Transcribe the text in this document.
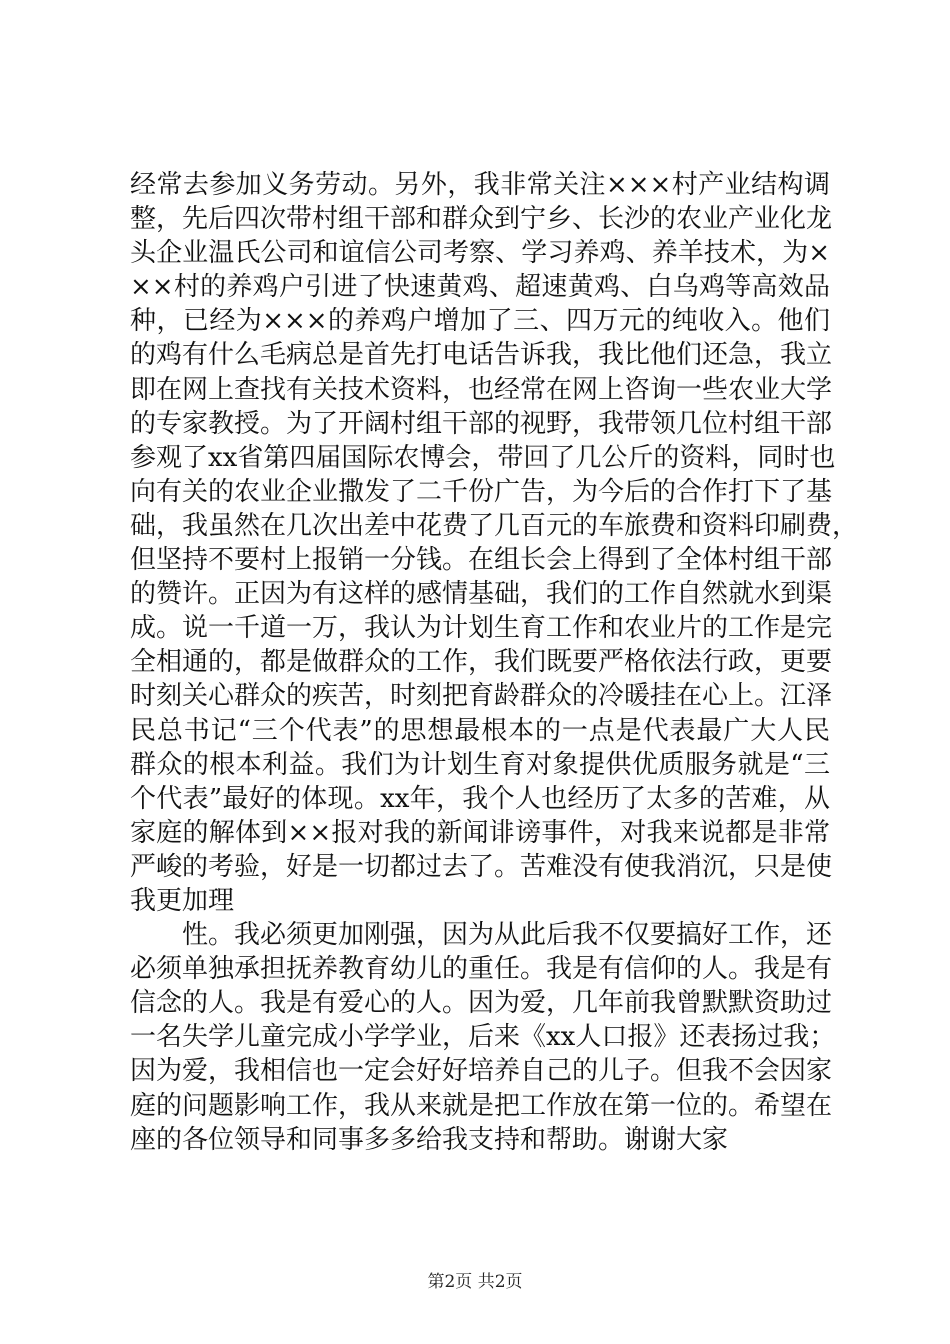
经常去参加义务劳动。另外，我非常关注×××村产业结构调
整，先后四次带村组干部和群众到宁乡、长沙的农业产业化龙
头企业温氏公司和谊信公司考察、学习养鸡、养羊技术，为×
××村的养鸡户引进了快速黄鸡、超速黄鸡、白乌鸡等高效品
种，已经为×××的养鸡户增加了三、四万元的纯收入。他们
的鸡有什么毛病总是首先打电话告诉我，我比他们还急，我立
即在网上查找有关技术资料，也经常在网上咨询一些农业大学
的专家教授。为了开阔村组干部的视野，我带领几位村组干部
参观了xx省第四届国际农博会，带回了几公斤的资料，同时也
向有关的农业企业撒发了二千份广告，为今后的合作打下了基
础，我虽然在几次出差中花费了几百元的车旅费和资料印刷费，
但坚持不要村上报销一分钱。在组长会上得到了全体村组干部
的赞许。正因为有这样的感情基础，我们的工作自然就水到渠
成。说一千道一万，我认为计划生育工作和农业片的工作是完
全相通的，都是做群众的工作，我们既要严格依法行政，更要
时刻关心群众的疾苦，时刻把育龄群众的冷暖挂在心上。江泽
民总书记“三个代表”的思想最根本的一点是代表最广大人民
群众的根本利益。我们为计划生育对象提供优质服务就是“三
个代表”最好的体现。xx年，我个人也经历了太多的苦难，从
家庭的解体到××报对我的新闻诽谤事件，对我来说都是非常
严峻的考验，好是一切都过去了。苦难没有使我消沉，只是使
我更加理
性。我必须更加刚强，因为从此后我不仅要搞好工作，还
必须单独承担抚养教育幼儿的重任。我是有信仰的人。我是有
信念的人。我是有爱心的人。因为爱，几年前我曾默默资助过
一名失学儿童完成小学学业，后来《xx人口报》还表扬过我；
因为爱，我相信也一定会好好培养自己的儿子。但我不会因家
庭的问题影响工作，我从来就是把工作放在第一位的。希望在
座的各位领导和同事多多给我支持和帮助。谢谢大家
第2页 共2页
